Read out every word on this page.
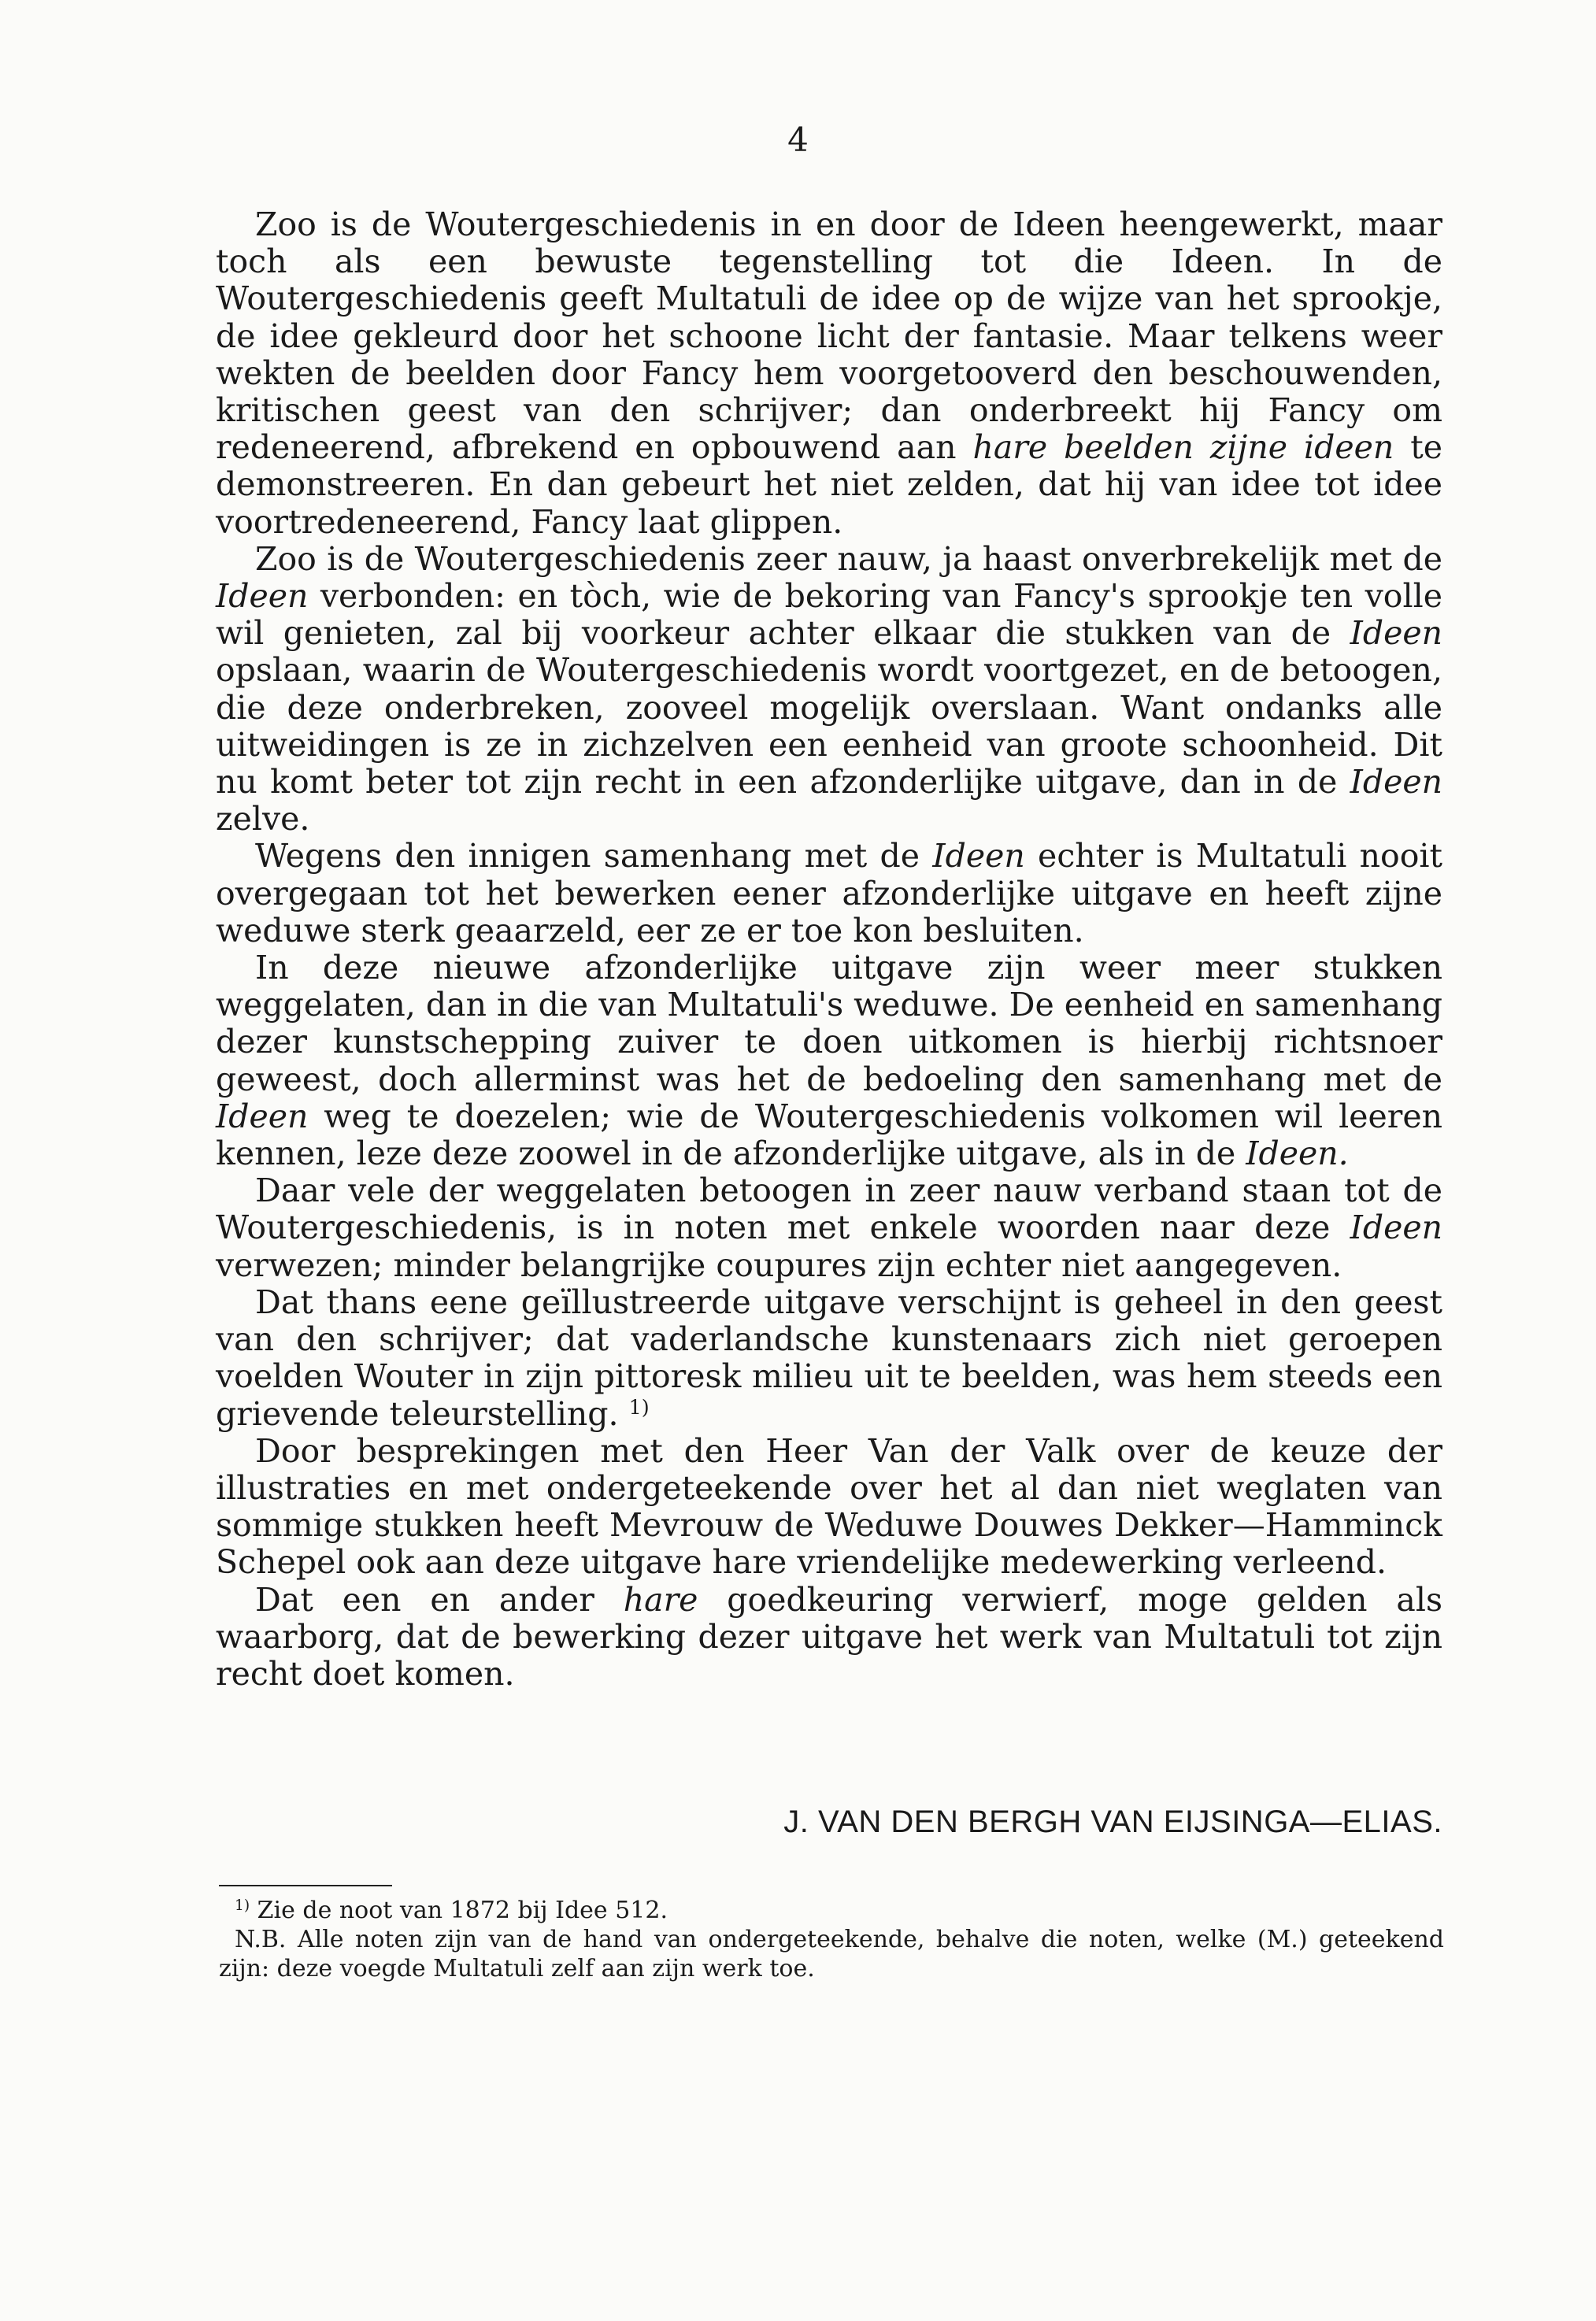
4

Zoo is de Woutergeschiedenis in en door de Ideen heengewerkt, maar toch als een bewuste tegenstelling tot die Ideen. In de Woutergeschiedenis geeft Multatuli de idee op de wijze van het sprookje, de idee gekleurd door het schoone licht der fantasie. Maar telkens weer wekten de beelden door Fancy hem voorgetooverd den beschouwenden, kritischen geest van den schrijver; dan onderbreekt hij Fancy om redeneerend, afbrekend en opbouwend aan hare beelden zijne ideen te demonstreeren. En dan gebeurt het niet zelden, dat hij van idee tot idee voortredeneerend, Fancy laat glippen.

Zoo is de Woutergeschiedenis zeer nauw, ja haast onverbrekelijk met de Ideen verbonden: en tòch, wie de bekoring van Fancy's sprookje ten volle wil genieten, zal bij voorkeur achter elkaar die stukken van de Ideen opslaan, waarin de Woutergeschiedenis wordt voortgezet, en de betoogen, die deze onderbreken, zooveel mogelijk overslaan. Want ondanks alle uitweidingen is ze in zichzelven een eenheid van groote schoonheid. Dit nu komt beter tot zijn recht in een afzonderlijke uitgave, dan in de Ideen zelve.

Wegens den innigen samenhang met de Ideen echter is Multatuli nooit overgegaan tot het bewerken eener afzonderlijke uitgave en heeft zijne weduwe sterk geaarzeld, eer ze er toe kon besluiten.

In deze nieuwe afzonderlijke uitgave zijn weer meer stukken weggelaten, dan in die van Multatuli's weduwe. De eenheid en samenhang dezer kunstschepping zuiver te doen uitkomen is hierbij richtsnoer geweest, doch allerminst was het de bedoeling den samenhang met de Ideen weg te doezelen; wie de Woutergeschiedenis volkomen wil leeren kennen, leze deze zoowel in de afzonderlijke uitgave, als in de Ideen.

Daar vele der weggelaten betoogen in zeer nauw verband staan tot de Woutergeschiedenis, is in noten met enkele woorden naar deze Ideen verwezen; minder belangrijke coupures zijn echter niet aangegeven.

Dat thans eene geïllustreerde uitgave verschijnt is geheel in den geest van den schrijver; dat vaderlandsche kunstenaars zich niet geroepen voelden Wouter in zijn pittoresk milieu uit te beelden, was hem steeds een grievende teleurstelling. $^{1)}$

Door besprekingen met den Heer Van der Valk over de keuze der illustraties en met ondergeteekende over het al dan niet weglaten van sommige stukken heeft Mevrouw de Weduwe Douwes Dekker—Hamminck Schepel ook aan deze uitgave hare vriendelijke medewerking verleend.

Dat een en ander hare goedkeuring verwierf, moge gelden als waarborg, dat de bewerking dezer uitgave het werk van Multatuli tot zijn recht doet komen.

J. VAN DEN BERGH VAN EIJSINGA—ELIAS.

$^{1)}$ Zie de noot van 1872 bij Idee 512.

N.B. Alle noten zijn van de hand van ondergeteekende, behalve die noten, welke (M.) geteekend zijn: deze voegde Multatuli zelf aan zijn werk toe.
